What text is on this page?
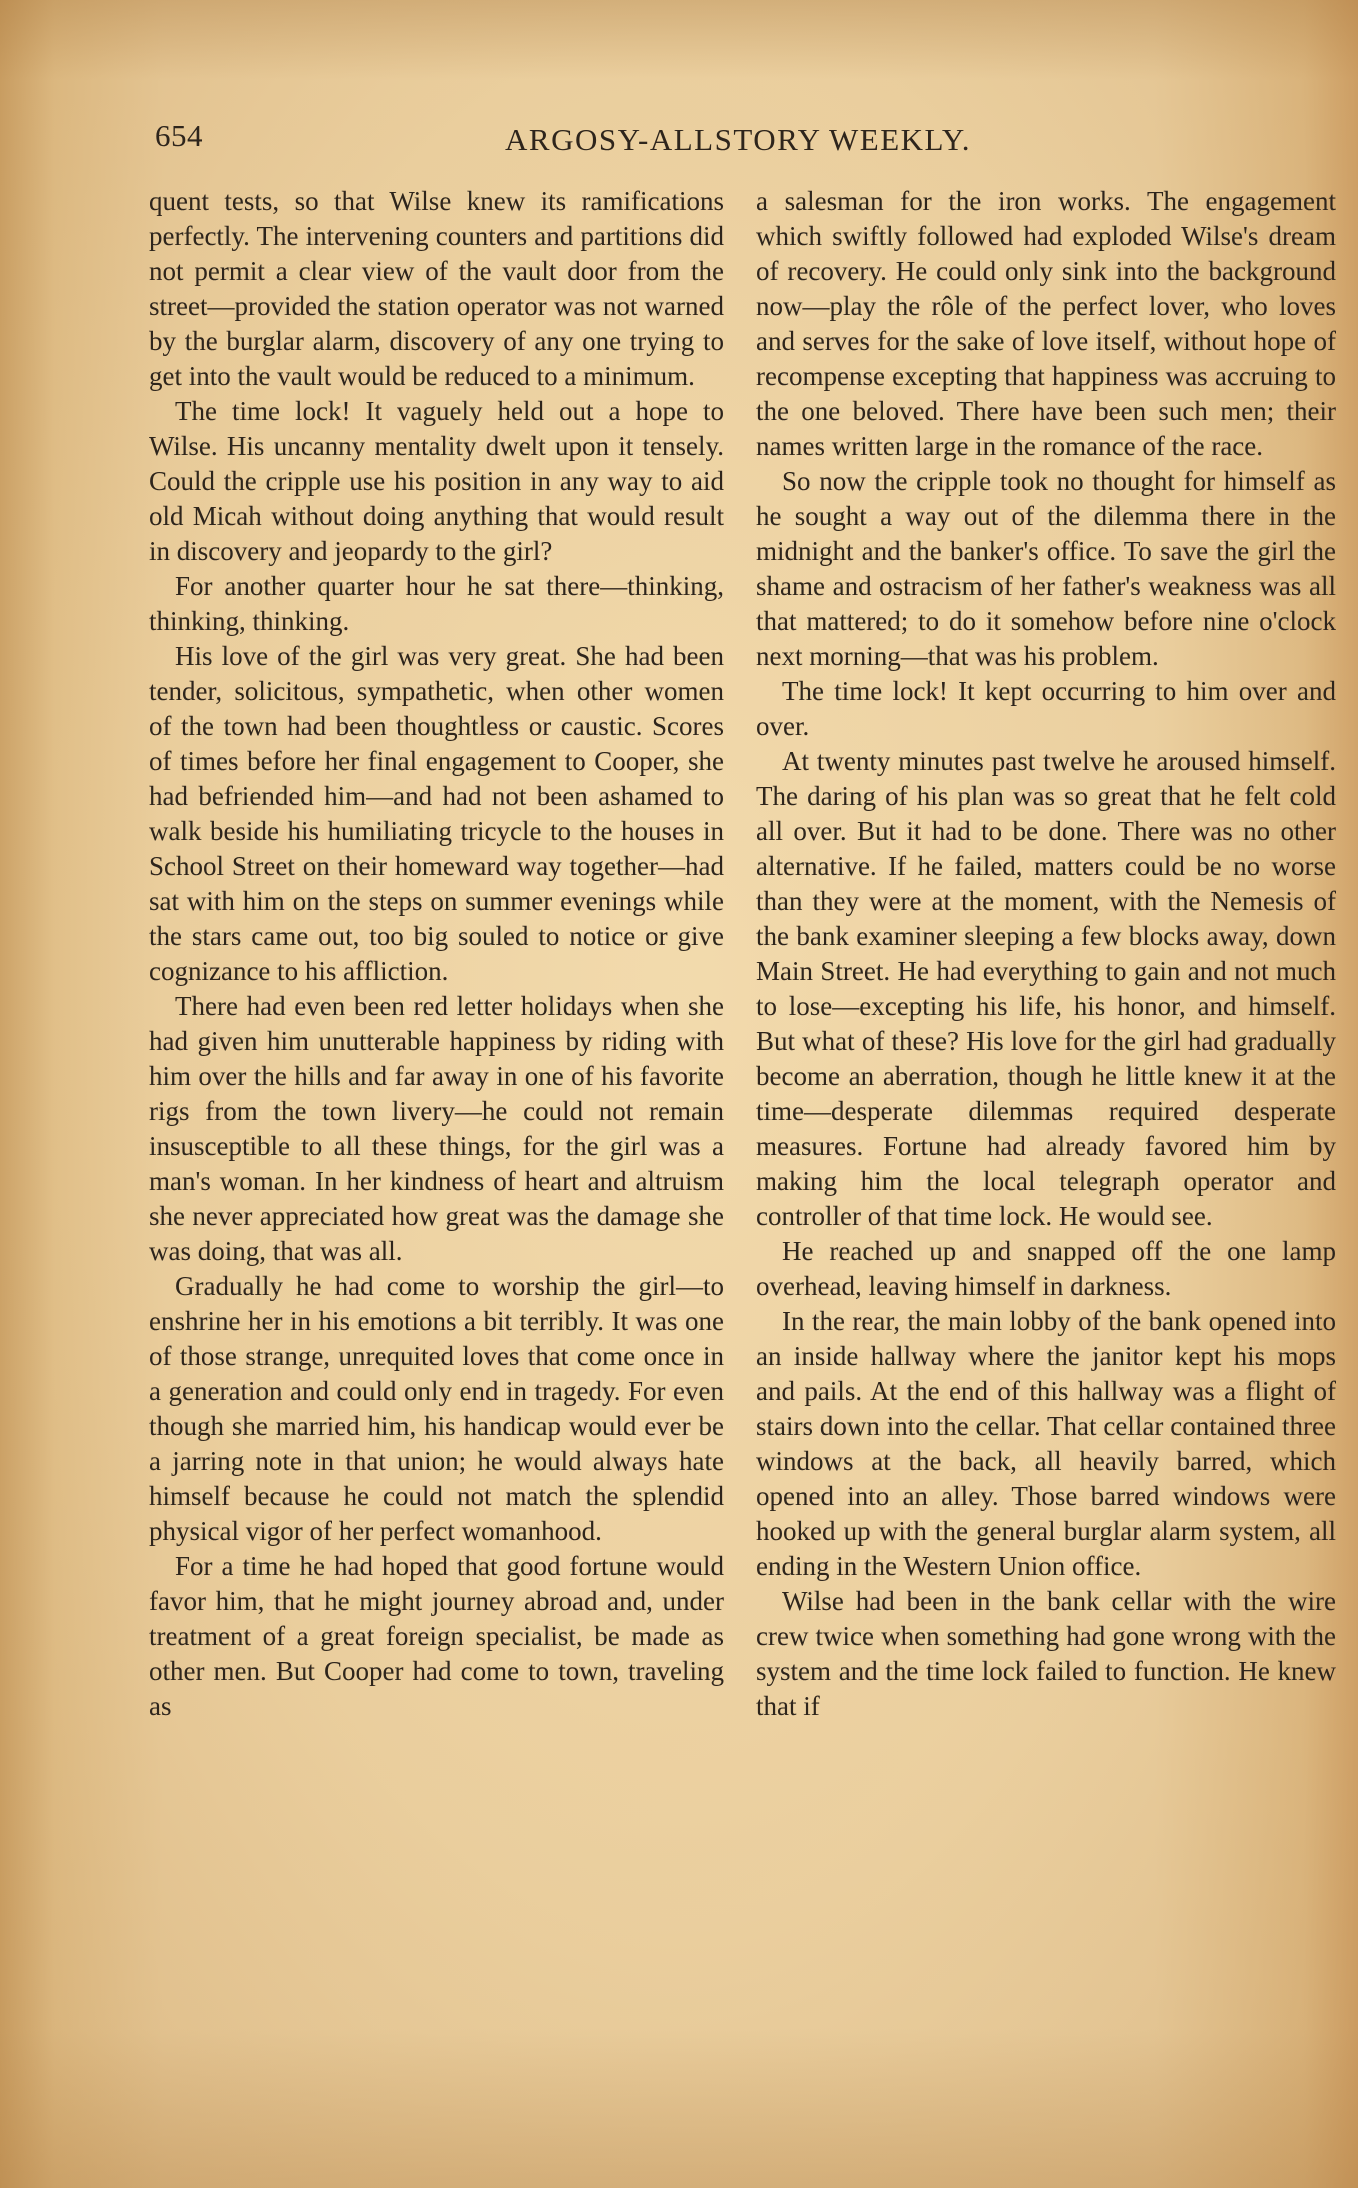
654	ARGOSY-ALLSTORY WEEKLY.

quent tests, so that Wilse knew its ramifications perfectly. The intervening counters and partitions did not permit a clear view of the vault door from the street—provided the station operator was not warned by the burglar alarm, discovery of any one trying to get into the vault would be reduced to a minimum.

The time lock! It vaguely held out a hope to Wilse. His uncanny mentality dwelt upon it tensely. Could the cripple use his position in any way to aid old Micah without doing anything that would result in discovery and jeopardy to the girl?

For another quarter hour he sat there—thinking, thinking, thinking.

His love of the girl was very great. She had been tender, solicitous, sympathetic, when other women of the town had been thoughtless or caustic. Scores of times before her final engagement to Cooper, she had befriended him—and had not been ashamed to walk beside his humiliating tricycle to the houses in School Street on their homeward way together—had sat with him on the steps on summer evenings while the stars came out, too big souled to notice or give cognizance to his affliction.

There had even been red letter holidays when she had given him unutterable happiness by riding with him over the hills and far away in one of his favorite rigs from the town livery—he could not remain insusceptible to all these things, for the girl was a man's woman. In her kindness of heart and altruism she never appreciated how great was the damage she was doing, that was all.

Gradually he had come to worship the girl—to enshrine her in his emotions a bit terribly. It was one of those strange, unrequited loves that come once in a generation and could only end in tragedy. For even though she married him, his handicap would ever be a jarring note in that union; he would always hate himself because he could not match the splendid physical vigor of her perfect womanhood.

For a time he had hoped that good fortune would favor him, that he might journey abroad and, under treatment of a great foreign specialist, be made as other men. But Cooper had come to town, traveling as

a salesman for the iron works. The engagement which swiftly followed had exploded Wilse's dream of recovery. He could only sink into the background now—play the rôle of the perfect lover, who loves and serves for the sake of love itself, without hope of recompense excepting that happiness was accruing to the one beloved. There have been such men; their names written large in the romance of the race.

So now the cripple took no thought for himself as he sought a way out of the dilemma there in the midnight and the banker's office. To save the girl the shame and ostracism of her father's weakness was all that mattered; to do it somehow before nine o'clock next morning—that was his problem.

The time lock! It kept occurring to him over and over.

At twenty minutes past twelve he aroused himself. The daring of his plan was so great that he felt cold all over. But it had to be done. There was no other alternative. If he failed, matters could be no worse than they were at the moment, with the Nemesis of the bank examiner sleeping a few blocks away, down Main Street. He had everything to gain and not much to lose—excepting his life, his honor, and himself. But what of these? His love for the girl had gradually become an aberration, though he little knew it at the time—desperate dilemmas required desperate measures. Fortune had already favored him by making him the local telegraph operator and controller of that time lock. He would see.

He reached up and snapped off the one lamp overhead, leaving himself in darkness.

In the rear, the main lobby of the bank opened into an inside hallway where the janitor kept his mops and pails. At the end of this hallway was a flight of stairs down into the cellar. That cellar contained three windows at the back, all heavily barred, which opened into an alley. Those barred windows were hooked up with the general burglar alarm system, all ending in the Western Union office.

Wilse had been in the bank cellar with the wire crew twice when something had gone wrong with the system and the time lock failed to function. He knew that if
